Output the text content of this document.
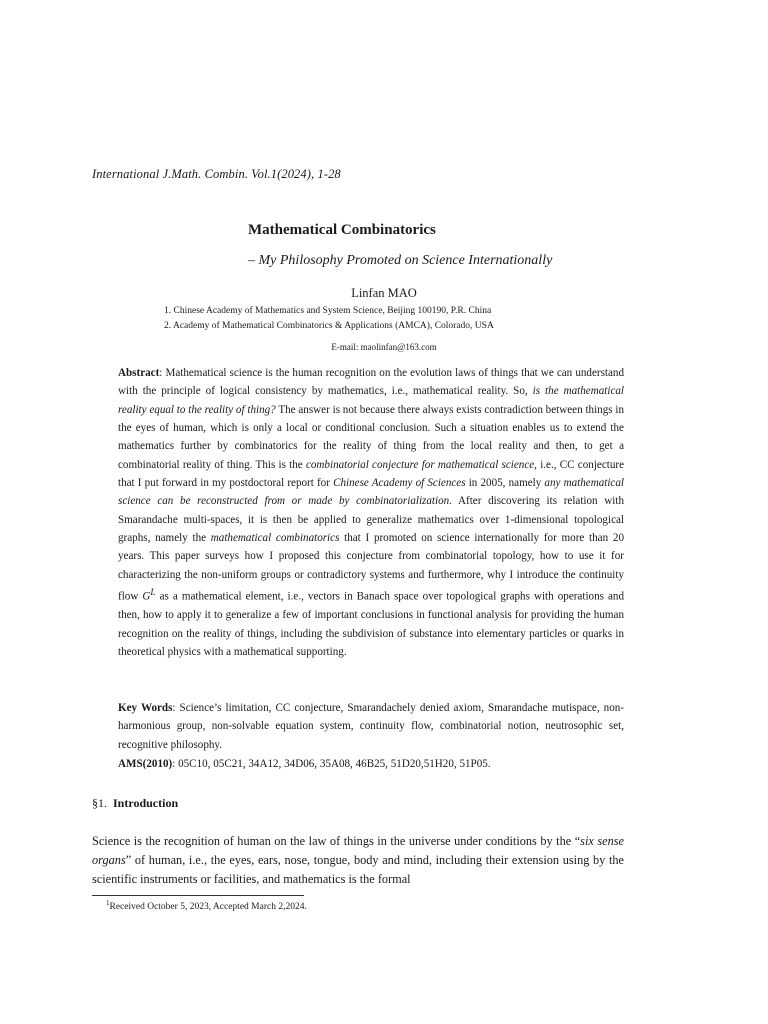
International J.Math. Combin. Vol.1(2024), 1-28
Mathematical Combinatorics
– My Philosophy Promoted on Science Internationally
Linfan MAO
1. Chinese Academy of Mathematics and System Science, Beijing 100190, P.R. China
2. Academy of Mathematical Combinatorics & Applications (AMCA), Colorado, USA
E-mail: maolinfan@163.com

Abstract: Mathematical science is the human recognition on the evolution laws of things that we can understand with the principle of logical consistency by mathematics, i.e., mathematical reality. So, is the mathematical reality equal to the reality of thing? The answer is not because there always exists contradiction between things in the eyes of human, which is only a local or conditional conclusion. Such a situation enables us to extend the mathematics further by combinatorics for the reality of thing from the local reality and then, to get a combinatorial reality of thing. This is the combinatorial conjecture for mathematical science, i.e., CC conjecture that I put forward in my postdoctoral report for Chinese Academy of Sciences in 2005, namely any mathematical science can be reconstructed from or made by combinatorialization. After discovering its relation with Smarandache multi-spaces, it is then be applied to generalize mathematics over 1-dimensional topological graphs, namely the mathematical combinatorics that I promoted on science internationally for more than 20 years. This paper surveys how I proposed this conjecture from combinatorial topology, how to use it for characterizing the non-uniform groups or contradictory systems and furthermore, why I introduce the continuity flow $G^L$ as a mathematical element, i.e., vectors in Banach space over topological graphs with operations and then, how to apply it to generalize a few of important conclusions in functional analysis for providing the human recognition on the reality of things, including the subdivision of substance into elementary particles or quarks in theoretical physics with a mathematical supporting.

Key Words: Science’s limitation, CC conjecture, Smarandachely denied axiom, Smarandache mutispace, non-harmonious group, non-solvable equation system, continuity flow, combinatorial notion, neutrosophic set, recognitive philosophy.
AMS(2010): 05C10, 05C21, 34A12, 34D06, 35A08, 46B25, 51D20,51H20, 51P05.
§1. Introduction
Science is the recognition of human on the law of things in the universe under conditions by the “six sense organs” of human, i.e., the eyes, ears, nose, tongue, body and mind, including their extension using by the scientific instruments or facilities, and mathematics is the formal
$^1$Received October 5, 2023, Accepted March 2,2024.
